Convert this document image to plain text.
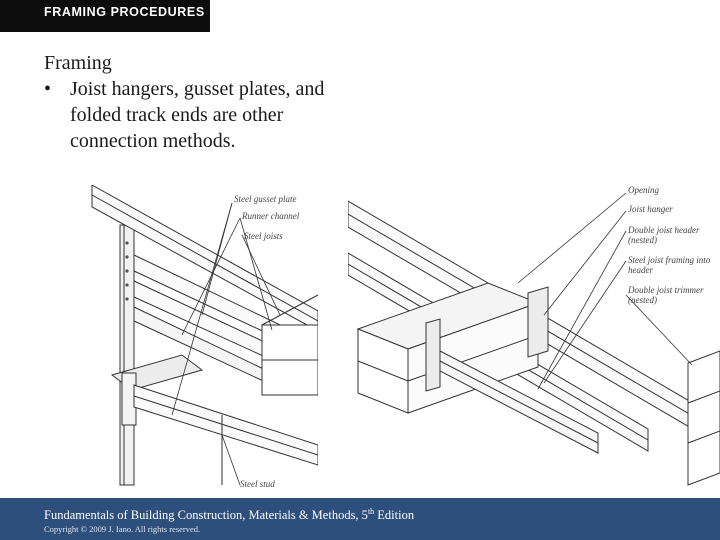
FRAMING PROCEDURES
Framing
• Joist hangers, gusset plates, and folded track ends are other connection methods.
Steel gusset plate
Runner channel
Steel joists
Steel stud
Opening
Joist hanger
Double joist header
(nested)
Steel joist framing into
header
Double joist trimmer
(nested)
Fundamentals of Building Construction, Materials & Methods, 5th Edition
Copyright © 2009 J. Iano. All rights reserved.
